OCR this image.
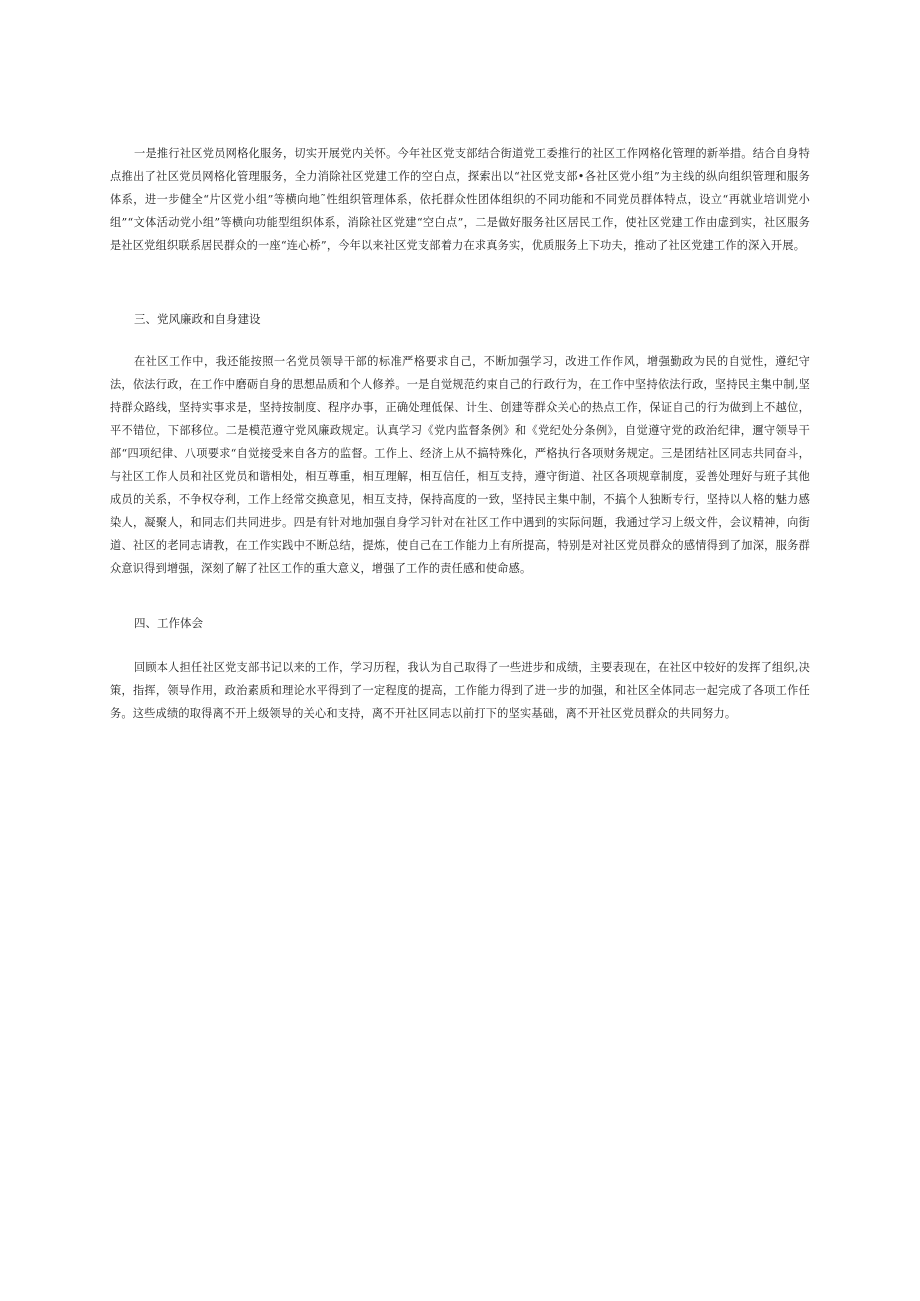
一是推行社区党员网格化服务，切实开展党内关怀。今年社区党支部结合街道党工委推行的社区工作网格化管理的新举措。结合自身特点推出了社区党员网格化管理服务，全力消除社区党建工作的空白点，探索出以“社区党支部•各社区党小组”为主线的纵向组织管理和服务体系，进一步健全“片区党小组”等横向地˜性组织管理体系，依托群众性团体组织的不同功能和不同党员群体特点，设立“再就业培训党小组”“文体活动党小组”等横向功能型组织体系，消除社区党建“空白点”，二是做好服务社区居民工作，使社区党建工作由虚到实，社区服务是社区党组织联系居民群众的一座“连心桥”，今年以来社区党支部着力在求真务实，优质服务上下功夫，推动了社区党建工作的深入开展。

三、党风廉政和自身建设

在社区工作中，我还能按照一名党员领导干部的标准严格要求自己，不断加强学习，改进工作作风，增强勤政为民的自觉性，遵纪守法，依法行政，在工作中磨砺自身的思想品质和个人修养。一是自觉规范约束自己的行政行为，在工作中坚持依法行政，坚持民主集中制,坚持群众路线，坚持实事求是，坚持按制度、程序办事，正确处理低保、计生、创建等群众关心的热点工作，保证自己的行为做到上不越位，平不错位，下部移位。二是模范遵守党风廉政规定。认真学习《党内监督条例》和《党纪处分条例》，自觉遵守党的政治纪律，邇守领导干部“四项纪律、八项要求“自觉接受来自各方的监督。工作上、经济上从不搞特殊化，严格执行各项财务规定。三是团结社区同志共同奋斗，与社区工作人员和社区党员和谐相处，相互尊重，相互理解，相互信任，相互支持，遵守街道、社区各项规章制度，妥善处理好与班子其他成员的关系，不争权夺利，工作上经常交换意见，相互支持，保持高度的一致，坚持民主集中制，不搞个人独断专行，坚持以人格的魅力感染人，凝聚人，和同志们共同进步。四是有针对地加强自身学习针对在社区工作中遇到的实际问题，我通过学习上级文件，会议精神，向街道、社区的老同志请教，在工作实践中不断总结，提炼，使自己在工作能力上有所提高，特别是对社区党员群众的感情得到了加深，服务群众意识得到增强，深刻了解了社区工作的重大意义，增强了工作的责任感和使命感。

四、工作体会

回顾本人担任社区党支部书记以来的工作，学习历程，我认为自己取得了一些进步和成绩，主要表现在，在社区中较好的发挥了组织,决策，指挥，领导作用，政治素质和理论水平得到了一定程度的提高，工作能力得到了进一步的加强，和社区全体同志一起完成了各项工作任务。这些成绩的取得离不开上级领导的关心和支持，离不开社区同志以前打下的坚实基础，离不开社区党员群众的共同努力。
